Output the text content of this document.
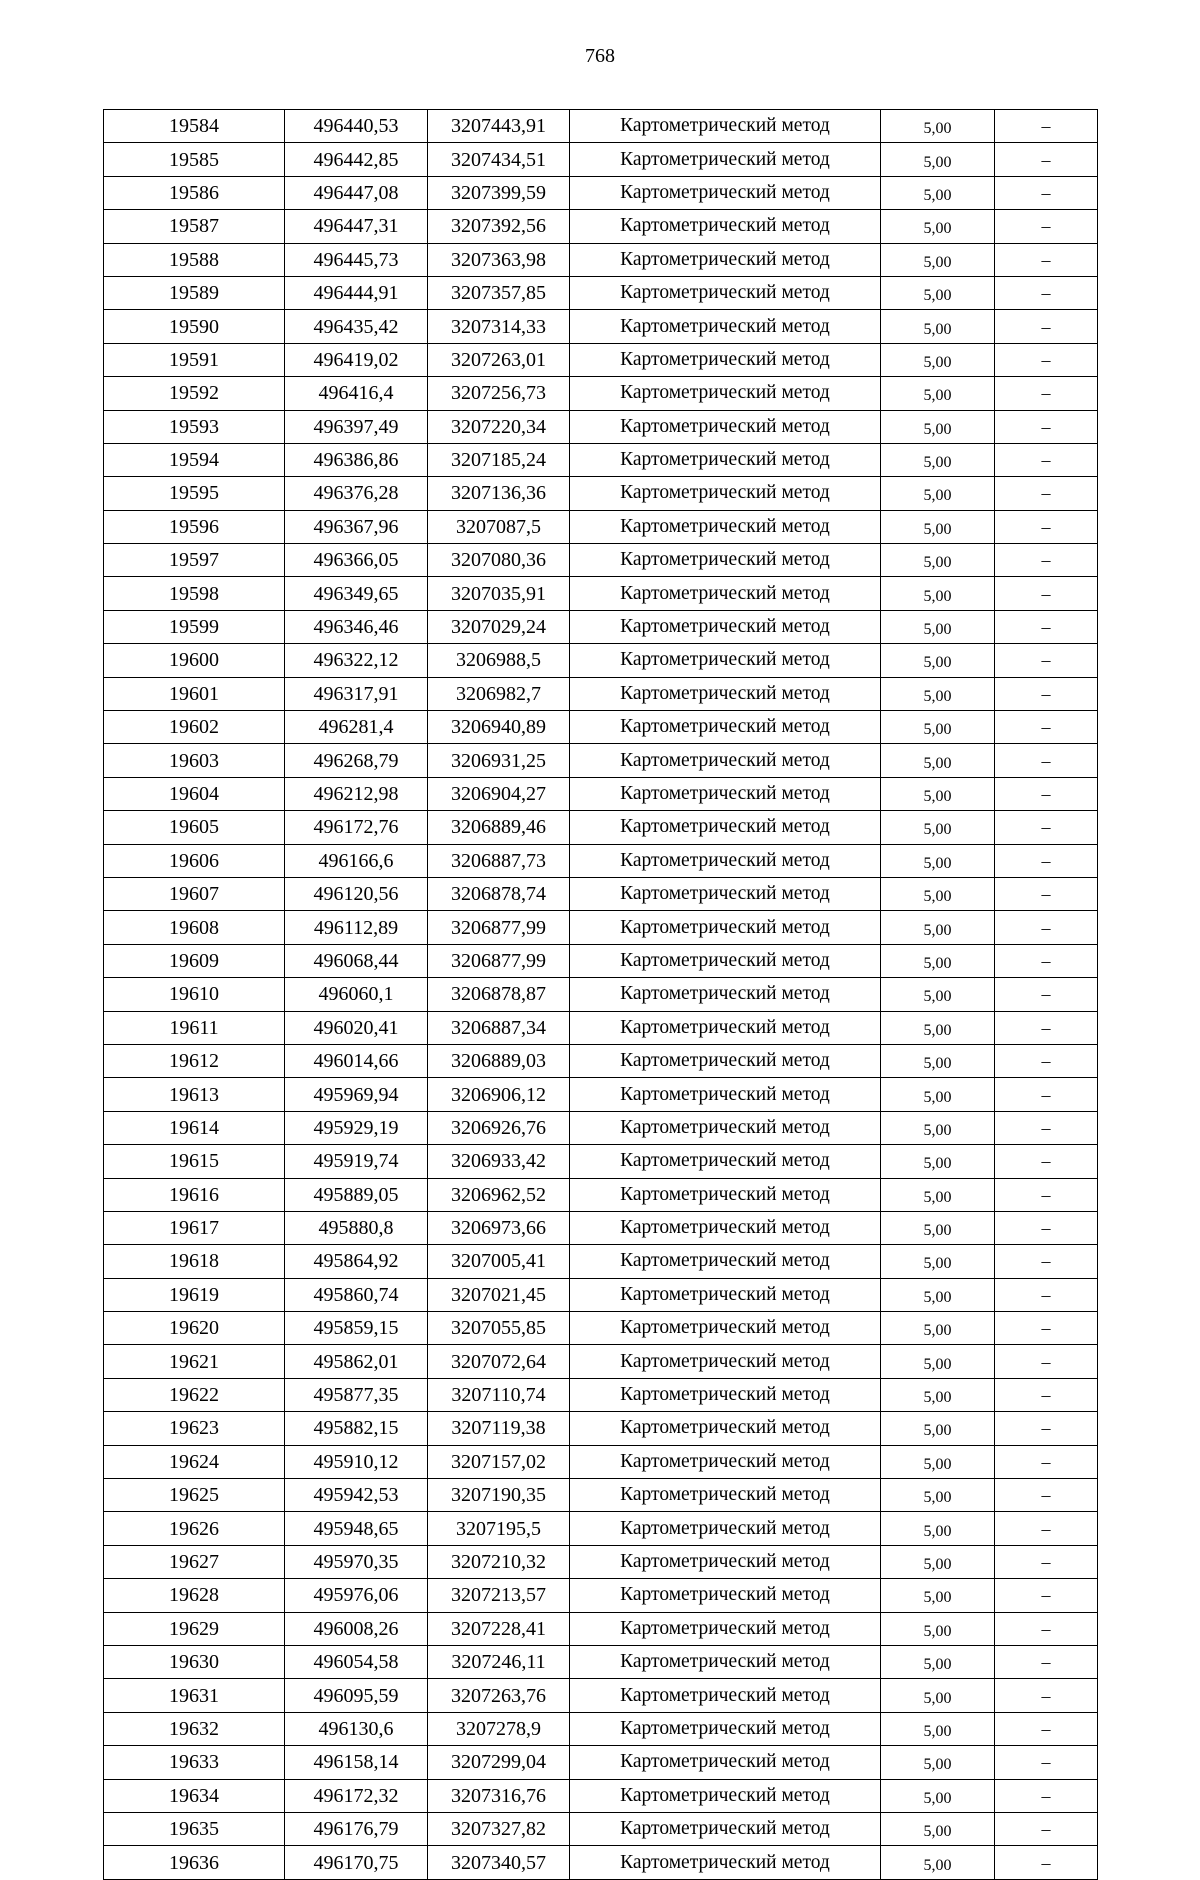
768
19584	496440,53	3207443,91	Картометрический метод	5,00	–
19585	496442,85	3207434,51	Картометрический метод	5,00	–
19586	496447,08	3207399,59	Картометрический метод	5,00	–
19587	496447,31	3207392,56	Картометрический метод	5,00	–
19588	496445,73	3207363,98	Картометрический метод	5,00	–
19589	496444,91	3207357,85	Картометрический метод	5,00	–
19590	496435,42	3207314,33	Картометрический метод	5,00	–
19591	496419,02	3207263,01	Картометрический метод	5,00	–
19592	496416,4	3207256,73	Картометрический метод	5,00	–
19593	496397,49	3207220,34	Картометрический метод	5,00	–
19594	496386,86	3207185,24	Картометрический метод	5,00	–
19595	496376,28	3207136,36	Картометрический метод	5,00	–
19596	496367,96	3207087,5	Картометрический метод	5,00	–
19597	496366,05	3207080,36	Картометрический метод	5,00	–
19598	496349,65	3207035,91	Картометрический метод	5,00	–
19599	496346,46	3207029,24	Картометрический метод	5,00	–
19600	496322,12	3206988,5	Картометрический метод	5,00	–
19601	496317,91	3206982,7	Картометрический метод	5,00	–
19602	496281,4	3206940,89	Картометрический метод	5,00	–
19603	496268,79	3206931,25	Картометрический метод	5,00	–
19604	496212,98	3206904,27	Картометрический метод	5,00	–
19605	496172,76	3206889,46	Картометрический метод	5,00	–
19606	496166,6	3206887,73	Картометрический метод	5,00	–
19607	496120,56	3206878,74	Картометрический метод	5,00	–
19608	496112,89	3206877,99	Картометрический метод	5,00	–
19609	496068,44	3206877,99	Картометрический метод	5,00	–
19610	496060,1	3206878,87	Картометрический метод	5,00	–
19611	496020,41	3206887,34	Картометрический метод	5,00	–
19612	496014,66	3206889,03	Картометрический метод	5,00	–
19613	495969,94	3206906,12	Картометрический метод	5,00	–
19614	495929,19	3206926,76	Картометрический метод	5,00	–
19615	495919,74	3206933,42	Картометрический метод	5,00	–
19616	495889,05	3206962,52	Картометрический метод	5,00	–
19617	495880,8	3206973,66	Картометрический метод	5,00	–
19618	495864,92	3207005,41	Картометрический метод	5,00	–
19619	495860,74	3207021,45	Картометрический метод	5,00	–
19620	495859,15	3207055,85	Картометрический метод	5,00	–
19621	495862,01	3207072,64	Картометрический метод	5,00	–
19622	495877,35	3207110,74	Картометрический метод	5,00	–
19623	495882,15	3207119,38	Картометрический метод	5,00	–
19624	495910,12	3207157,02	Картометрический метод	5,00	–
19625	495942,53	3207190,35	Картометрический метод	5,00	–
19626	495948,65	3207195,5	Картометрический метод	5,00	–
19627	495970,35	3207210,32	Картометрический метод	5,00	–
19628	495976,06	3207213,57	Картометрический метод	5,00	–
19629	496008,26	3207228,41	Картометрический метод	5,00	–
19630	496054,58	3207246,11	Картометрический метод	5,00	–
19631	496095,59	3207263,76	Картометрический метод	5,00	–
19632	496130,6	3207278,9	Картометрический метод	5,00	–
19633	496158,14	3207299,04	Картометрический метод	5,00	–
19634	496172,32	3207316,76	Картометрический метод	5,00	–
19635	496176,79	3207327,82	Картометрический метод	5,00	–
19636	496170,75	3207340,57	Картометрический метод	5,00	–
